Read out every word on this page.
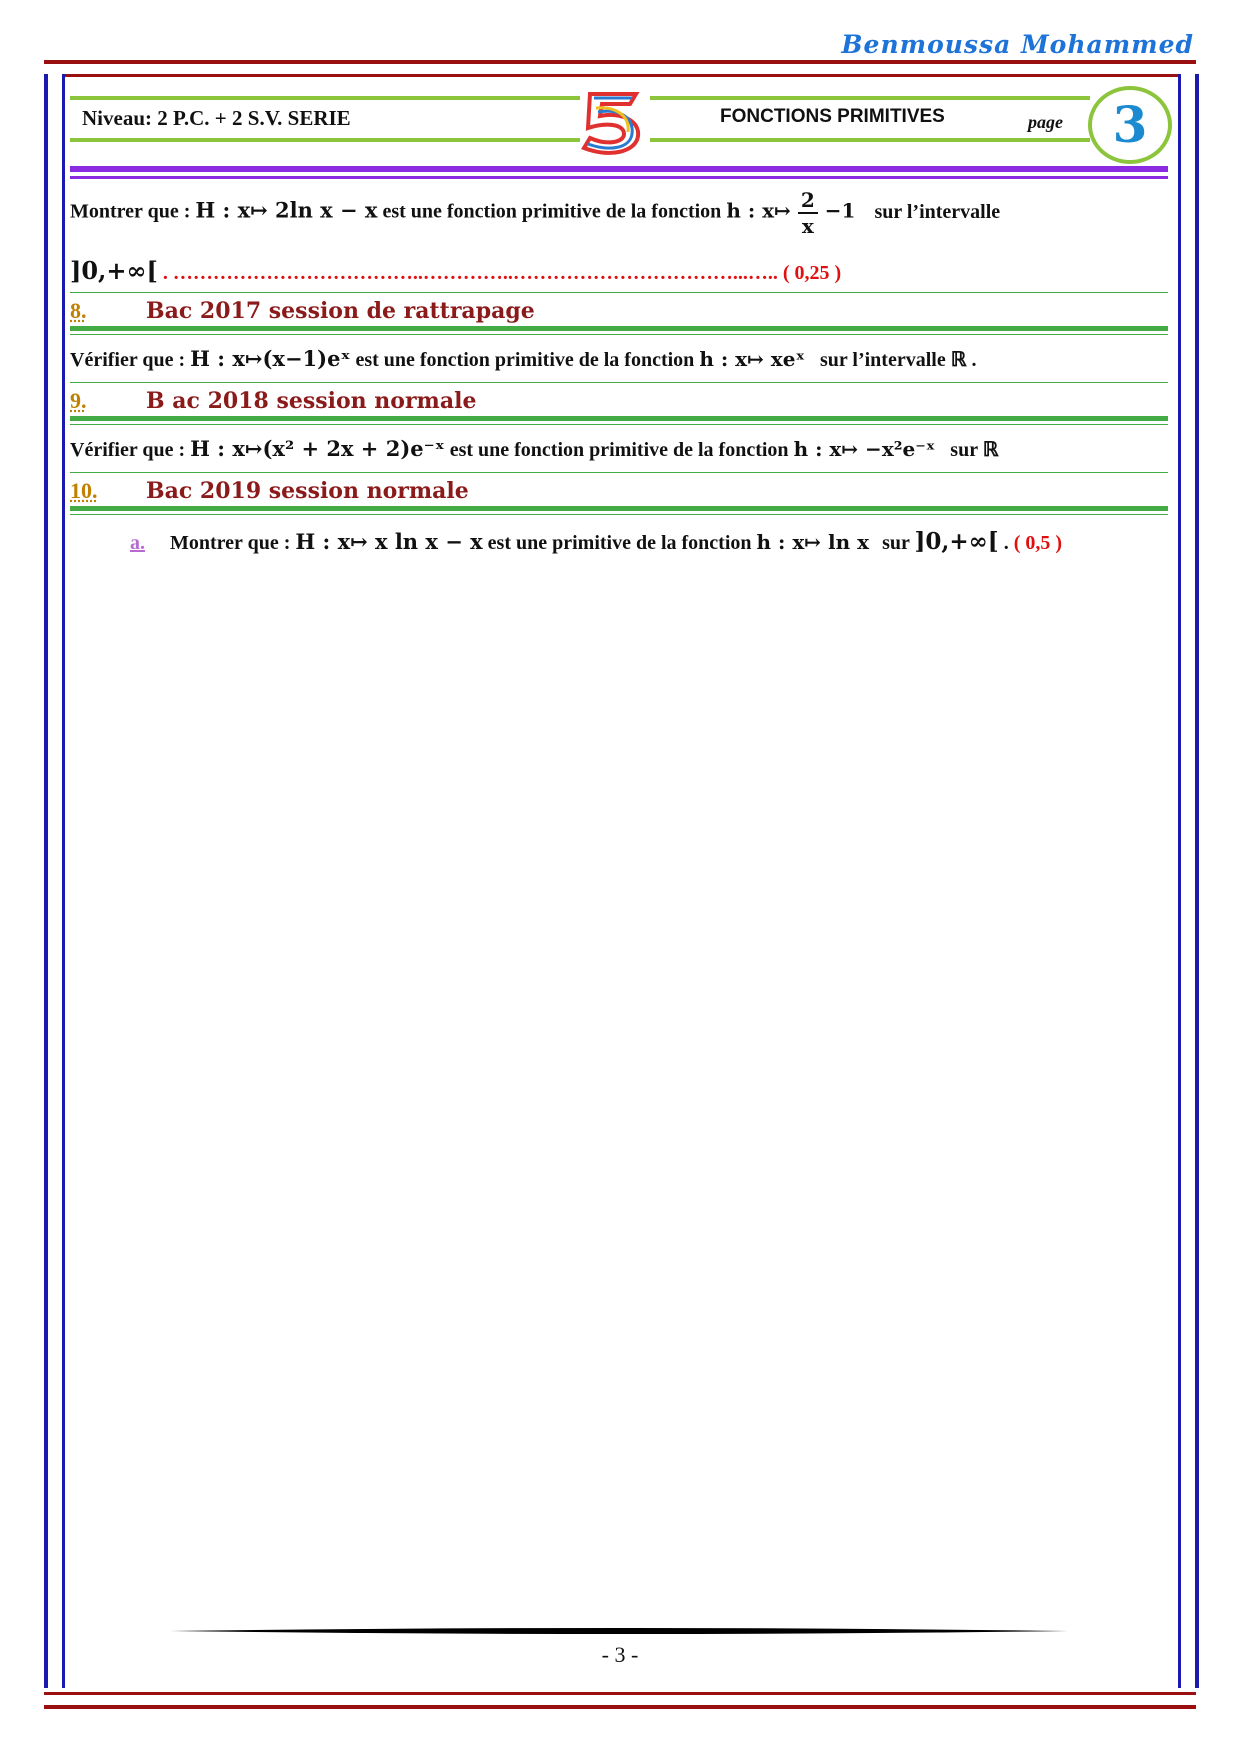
Benmoussa Mohammed
Niveau: 2 P.C. + 2 S.V. SERIE	FONCTIONS PRIMITIVES	page 3
Montrer que : H : x↦ 2ln x − x est une fonction primitive de la fonction h : x↦ $\frac{2}{x} -1$ sur l’intervalle
]0,+∞[ . ………………………………..…………..……………………………...….. ( 0,25 )
8.	Bac 2017 session de rattrapage
Vérifier que : H : x↦(x−1)eˣ est une fonction primitive de la fonction h : x↦ xeˣ sur l’intervalle ℝ .
9.	B ac 2018 session normale
Vérifier que : H : x↦(x² + 2x + 2)e⁻ˣ est une fonction primitive de la fonction h : x↦ −x²e⁻ˣ sur ℝ
10. Bac 2019 session normale
a. Montrer que : H : x↦ x ln x − x est une primitive de la fonction h : x↦ ln x sur ]0,+∞[ . ( 0,5 )
- 3 -
